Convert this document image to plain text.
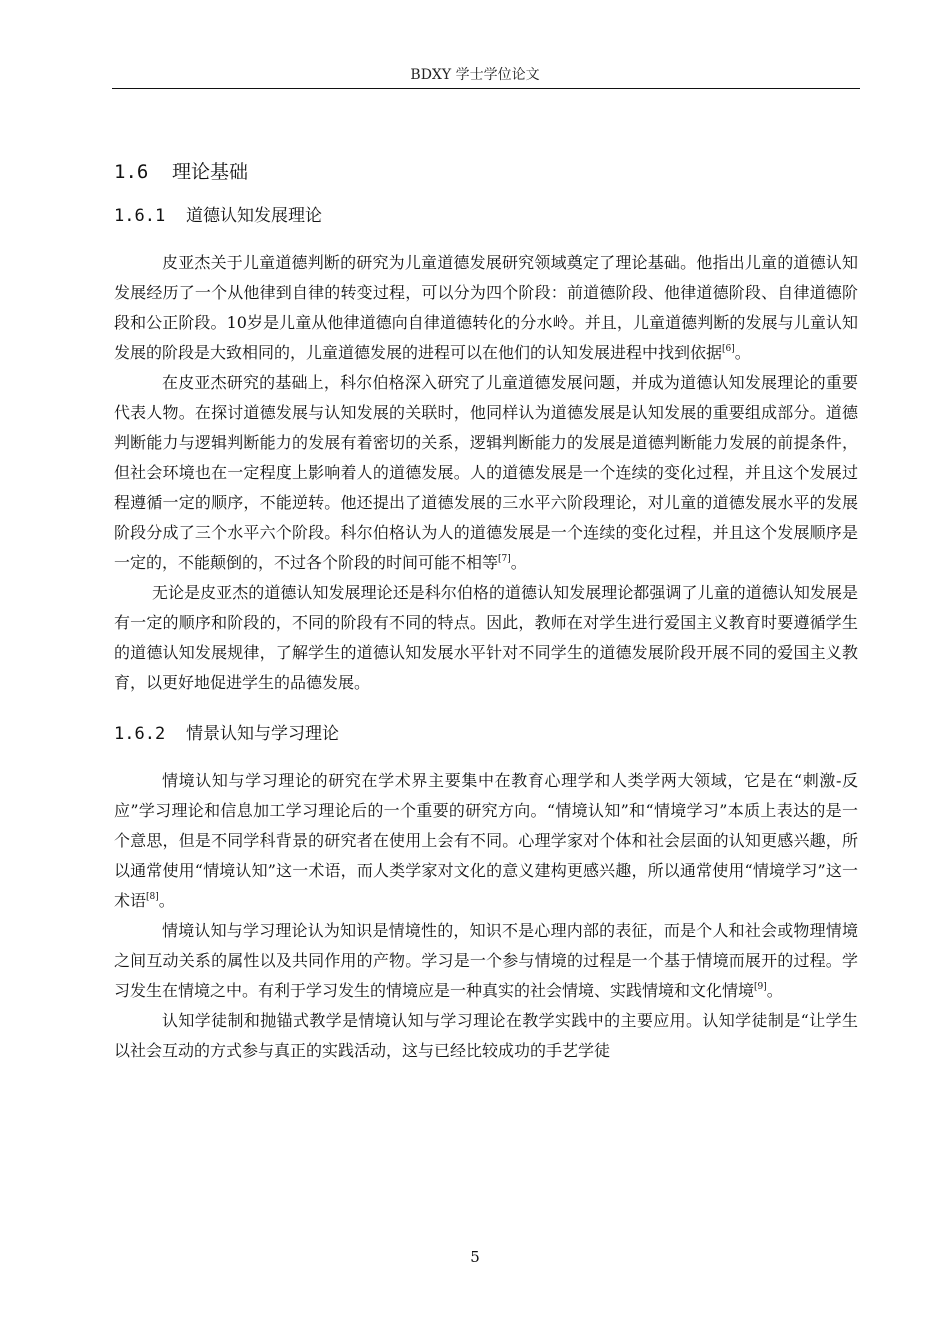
BDXY 学士学位论文
1.6 理论基础
1.6.1 道德认知发展理论

皮亚杰关于儿童道德判断的研究为儿童道德发展研究领域奠定了理论基础。他指出儿童的道德认知发展经历了一个从他律到自律的转变过程，可以分为四个阶段：前道德阶段、他律道德阶段、自律道德阶段和公正阶段。10岁是儿童从他律道德向自律道德转化的分水岭。并且，儿童道德判断的发展与儿童认知发展的阶段是大致相同的，儿童道德发展的进程可以在他们的认知发展进程中找到依据[6]。

在皮亚杰研究的基础上，科尔伯格深入研究了儿童道德发展问题，并成为道德认知发展理论的重要代表人物。在探讨道德发展与认知发展的关联时，他同样认为道德发展是认知发展的重要组成部分。道德判断能力与逻辑判断能力的发展有着密切的关系，逻辑判断能力的发展是道德判断能力发展的前提条件，但社会环境也在一定程度上影响着人的道德发展。人的道德发展是一个连续的变化过程，并且这个发展过程遵循一定的顺序，不能逆转。他还提出了道德发展的三水平六阶段理论，对儿童的道德发展水平的发展阶段分成了三个水平六个阶段。科尔伯格认为人的道德发展是一个连续的变化过程，并且这个发展顺序是一定的，不能颠倒的，不过各个阶段的时间可能不相等[7]。

无论是皮亚杰的道德认知发展理论还是科尔伯格的道德认知发展理论都强调了儿童的道德认知发展是有一定的顺序和阶段的，不同的阶段有不同的特点。因此，教师在对学生进行爱国主义教育时要遵循学生的道德认知发展规律，了解学生的道德认知发展水平针对不同学生的道德发展阶段开展不同的爱国主义教育，以更好地促进学生的品德发展。

1.6.2 情景认知与学习理论

情境认知与学习理论的研究在学术界主要集中在教育心理学和人类学两大领域，它是在“刺激-反应”学习理论和信息加工学习理论后的一个重要的研究方向。“情境认知”和“情境学习”本质上表达的是一个意思，但是不同学科背景的研究者在使用上会有不同。心理学家对个体和社会层面的认知更感兴趣，所以通常使用“情境认知”这一术语，而人类学家对文化的意义建构更感兴趣，所以通常使用“情境学习”这一术语[8]。

情境认知与学习理论认为知识是情境性的，知识不是心理内部的表征，而是个人和社会或物理情境之间互动关系的属性以及共同作用的产物。学习是一个参与情境的过程是一个基于情境而展开的过程。学习发生在情境之中。有利于学习发生的情境应是一种真实的社会情境、实践情境和文化情境[9]。

认知学徒制和抛锚式教学是情境认知与学习理论在教学实践中的主要应用。认知学徒制是“让学生以社会互动的方式参与真正的实践活动，这与已经比较成功的手艺学徒

5
